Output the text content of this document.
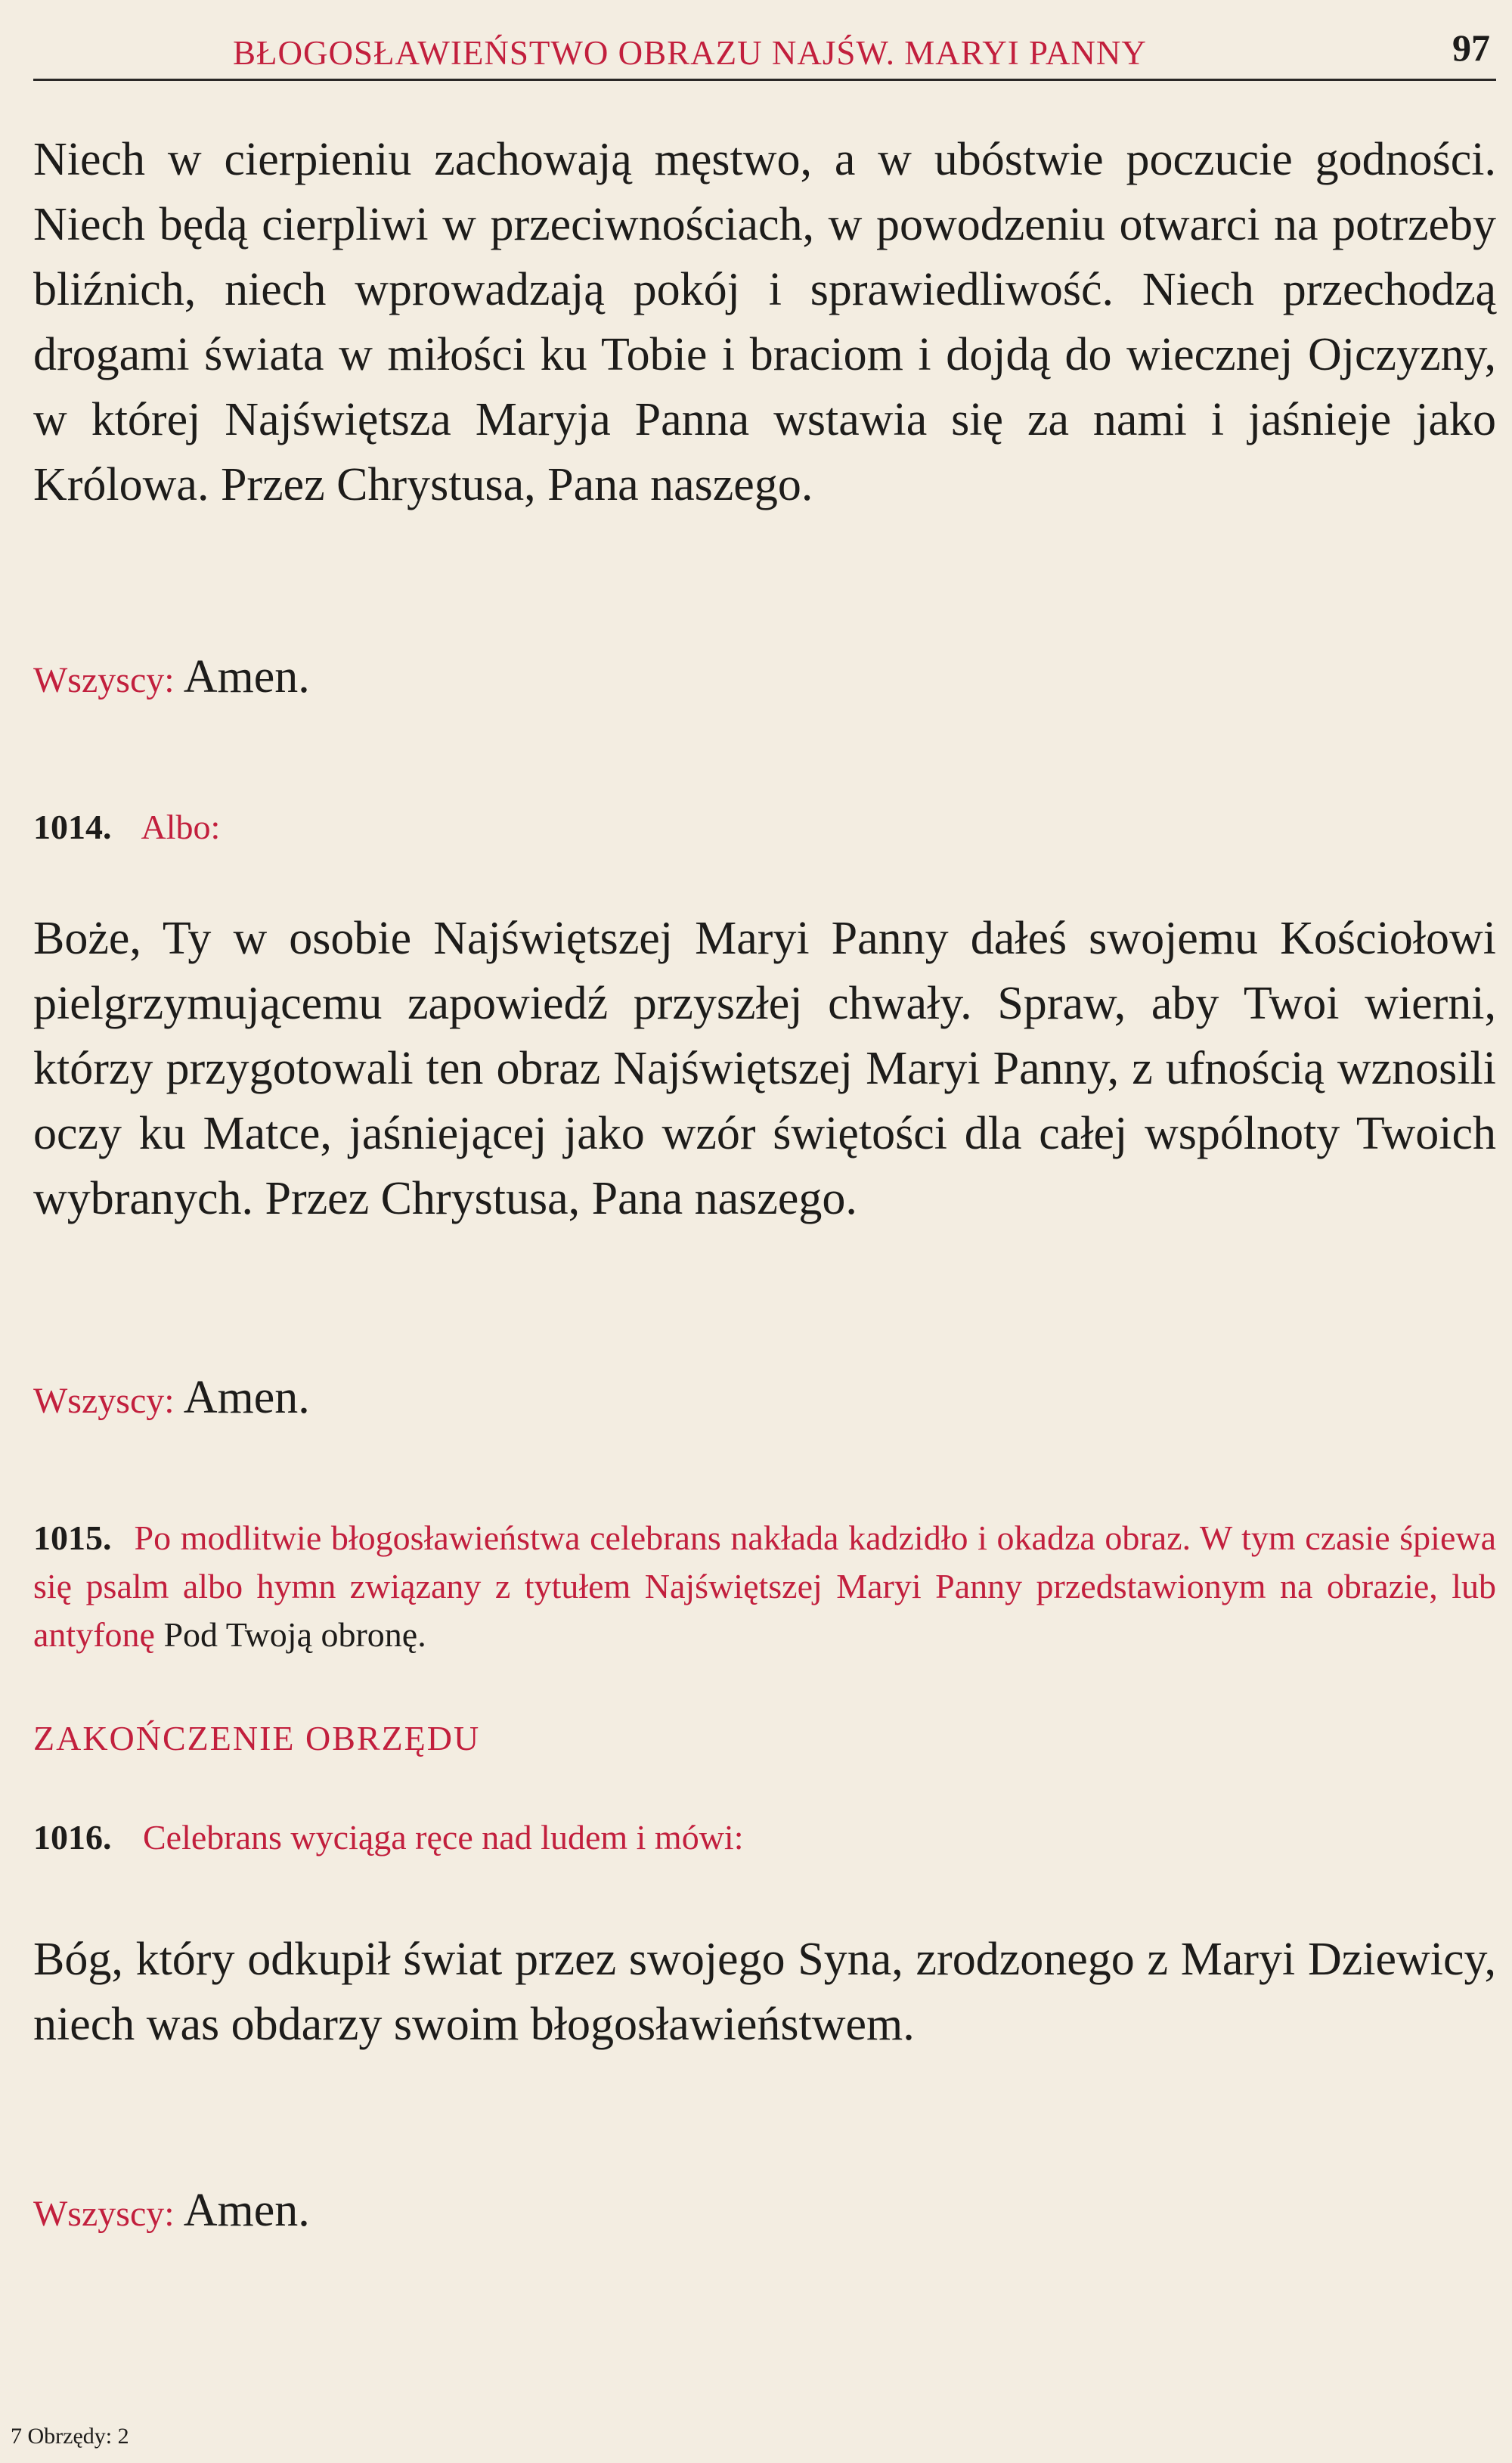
BŁOGOSŁAWIEŃSTWO OBRAZU NAJŚW. MARYI PANNY	97

Niech w cierpieniu zachowają męstwo, a w ubóstwie poczucie godności. Niech będą cierpliwi w przeciwnościach, w powodzeniu otwarci na potrzeby bliźnich, niech wprowadzają pokój i sprawiedliwość. Niech przechodzą drogami świata w miłości ku Tobie i braciom i dojdą do wiecznej Ojczyzny, w której Najświętsza Maryja Panna wstawia się za nami i jaśnieje jako Królowa. Przez Chrystusa, Pana naszego.

Wszyscy: Amen.

1014. Albo:

Boże, Ty w osobie Najświętszej Maryi Panny dałeś swojemu Kościołowi pielgrzymującemu zapowiedź przyszłej chwały. Spraw, aby Twoi wierni, którzy przygotowali ten obraz Najświętszej Maryi Panny, z ufnością wznosili oczy ku Matce, jaśniejącej jako wzór świętości dla całej wspólnoty Twoich wybranych. Przez Chrystusa, Pana naszego.

Wszyscy: Amen.

1015. Po modlitwie błogosławieństwa celebrans nakłada kadzidło i okadza obraz. W tym czasie śpiewa się psalm albo hymn związany z tytułem Najświętszej Maryi Panny przedstawionym na obrazie, lub antyfonę Pod Twoją obronę.

ZAKOŃCZENIE OBRZĘDU

1016. Celebrans wyciąga ręce nad ludem i mówi:

Bóg, który odkupił świat przez swojego Syna, zrodzonego z Maryi Dziewicy, niech was obdarzy swoim błogosławieństwem.

Wszyscy: Amen.

7 Obrzędy: 2
